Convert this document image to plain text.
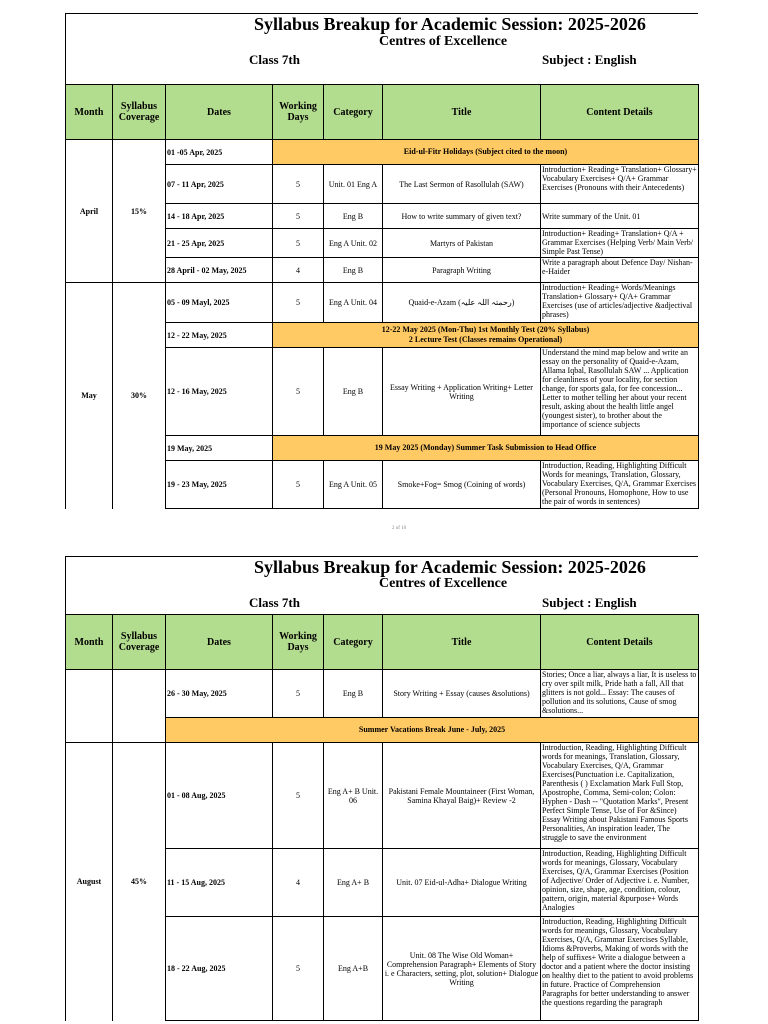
Syllabus Breakup for Academic Session: 2025-2026
Centres of Excellence
Class 7th	Subject : English
Month	Syllabus Coverage	Dates	Working Days	Category	Title	Content Details
April	15%	01 -05 Apr, 2025	Eid-ul-Fitr Holidays (Subject cited to the moon)			
		07 - 11 Apr, 2025	5	Unit. 01 Eng A	The Last Sermon of Rasollulah (SAW)	Introduction+ Reading+ Translation+ Glossary+ Vocabulary Exercises+ Q/A+ Grammar Exercises (Pronouns with their Antecedents)

		14 - 18 Apr, 2025	5	Eng B	How to write summary of given text?	Write summary of the Unit. 01

		21 - 25 Apr, 2025	5	Eng A Unit. 02	Martyrs of Pakistan	Introduction+ Reading+ Translation+ Q/A + Grammar Exercises (Helping Verb/ Main Verb/ Simple Past Tense)

		28 April - 02 May, 2025	4	Eng B	Paragraph Writing	Write a paragraph about Defence Day/ Nishan-e-Haider

May	30%	05 - 09 Mayl, 2025	5	Eng A Unit. 04	Quaid-e-Azam (رحمتہ اللہ علیہ)	Introduction+ Reading+ Words/Meanings Translation+ Glossary+ Q/A+ Grammar Exercises (use of articles/adjective &adjectival phrases)

		12 - 22 May, 2025	12-22 May 2025 (Mon-Thu) 1st Monthly Test (20% Syllabus)
2 Lecture Test (Classes remains Operational)			

		12 - 16 May, 2025	5	Eng B	Essay Writing + Application Writing+ Letter Writing	Understand the mind map below and write an essay on the personality of Quaid-e-Azam, Allama Iqbal, Rasollulah SAW ... Application for cleanliness of your locality, for section change, for sports gala, for fee concession... Letter to mother telling her about your recent result, asking about the health little angel (youngest sister), to brother about the importance of science subjects

		19 May, 2025	19 May 2025 (Monday) Summer Task Submission to Head Office			
		19 - 23 May, 2025	5	Eng A Unit. 05	Smoke+Fog= Smog (Coining of words)	Introduction, Reading, Highlighting Difficult Words for meanings, Translation, Glossary, Vocabulary Exercises, Q/A, Grammar Exercises (Personal Pronouns, Homophone, How to use the pair of words in sentences)
2 of 16
Syllabus Breakup for Academic Session: 2025-2026
Centres of Excellence
Class 7th	Subject : English
Month	Syllabus Coverage	Dates	Working Days	Category	Title	Content Details
		26 - 30 May, 2025	5	Eng B	Story Writing + Essay (causes &solutions)	Stories; Once a liar, always a liar, It is useless to cry over spilt milk, Pride hath a fall, All that glitters is not gold... Essay: The causes of pollution and its solutions, Cause of smog &solutions...

		Summer Vacations Break June - July, 2025				
August	45%	01 - 08 Aug, 2025	5	Eng A+ B Unit. 06	Pakistani Female Mountaineer (First Woman, Samina Khayal Baig)+ Review -2	Introduction, Reading, Highlighting Difficult words for meanings, Translation, Glossary, Vocabulary Exercises, Q/A, Grammar Exercises(Punctuation i.e. Capitalization, Parenthesis ( ) Exclamation Mark Full Stop, Apostrophe, Comma, Semi-colon; Colon: Hyphen - Dash -- "Quotation Marks", Present Perfect Simple Tense, Use of For &Since) Essay Writing about Pakistani Famous Sports Personalities, An inspiration leader, The struggle to save the environment

		11 - 15 Aug, 2025	4	Eng A+ B	Unit. 07 Eid-ul-Adha+ Dialogue Writing	Introduction, Reading, Highlighting Difficult words for meanings, Glossary, Vocabulary Exercises, Q/A, Grammar Exercises (Position of Adjective/ Order of Adjective i. e. Number, opinion, size, shape, age, condition, colour, pattern, origin, material &purpose+ Words Analogies

		18 - 22 Aug, 2025	5	Eng A+B	Unit. 08 The Wise Old Woman+ Comprehension Paragraph+ Elements of Story i. e Characters, setting, plot, solution+ Dialogue Writing	Introduction, Reading, Highlighting Difficult words for meanings, Glossary, Vocabulary Exercises, Q/A, Grammar Exercises Syllable, Idioms &Proverbs, Making of words with the help of suffixes+ Write a dialogue between a doctor and a patient where the doctor insisting on healthy diet to the patient to avoid problems in future. Practice of Comprehension Paragraphs for better understanding to answer the questions regarding the paragraph
